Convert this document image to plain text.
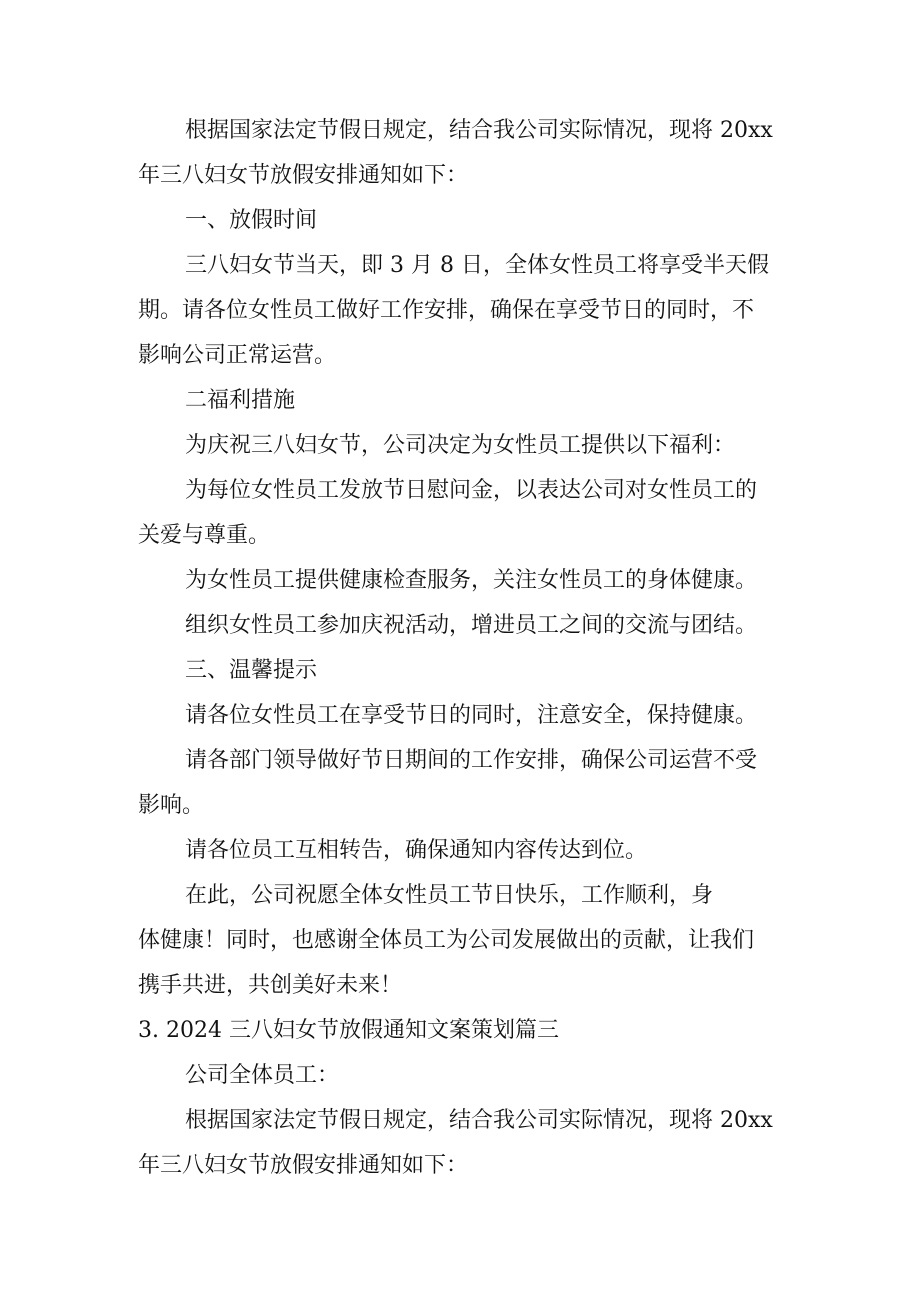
根据国家法定节假日规定，结合我公司实际情况，现将 20xx
年三八妇女节放假安排通知如下：
一、放假时间
三八妇女节当天，即 3 月 8 日，全体女性员工将享受半天假
期。请各位女性员工做好工作安排，确保在享受节日的同时，不
影响公司正常运营。
二福利措施
为庆祝三八妇女节，公司决定为女性员工提供以下福利：
为每位女性员工发放节日慰问金，以表达公司对女性员工的
关爱与尊重。
为女性员工提供健康检查服务，关注女性员工的身体健康。
组织女性员工参加庆祝活动，增进员工之间的交流与团结。
三、温馨提示
请各位女性员工在享受节日的同时，注意安全，保持健康。
请各部门领导做好节日期间的工作安排，确保公司运营不受
影响。
请各位员工互相转告，确保通知内容传达到位。
在此，公司祝愿全体女性员工节日快乐，工作顺利，身
体健康！同时，也感谢全体员工为公司发展做出的贡献，让我们
携手共进，共创美好未来！
3. 2024 三八妇女节放假通知文案策划篇三
公司全体员工：
根据国家法定节假日规定，结合我公司实际情况，现将 20xx
年三八妇女节放假安排通知如下：
